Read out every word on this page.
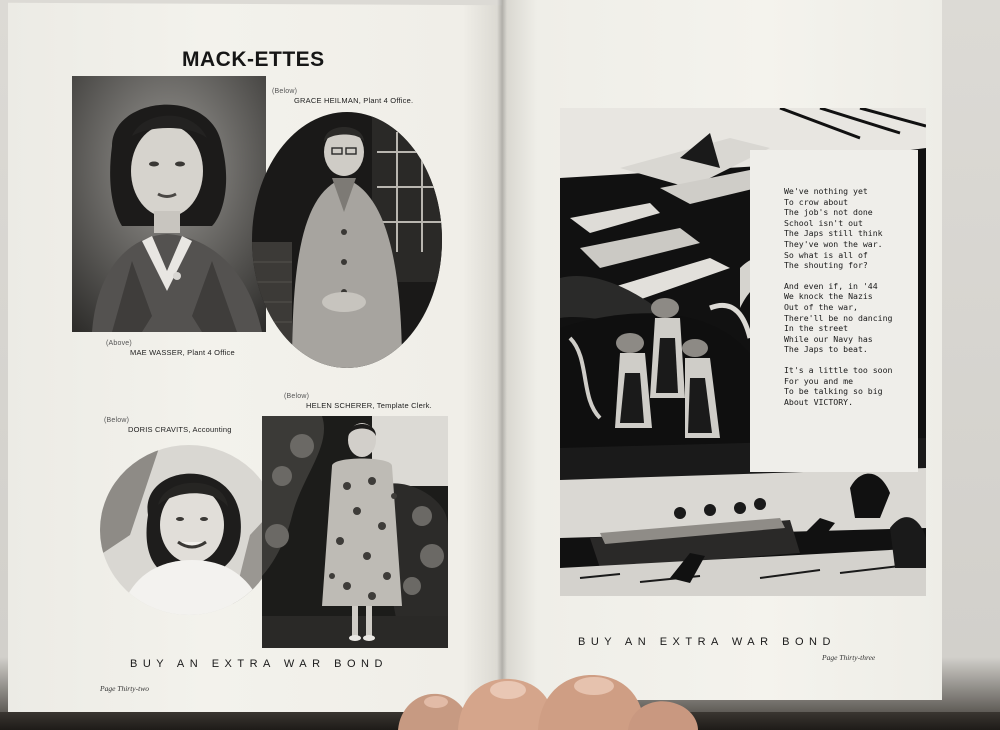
MACK-ETTES
(Below)
GRACE HEILMAN, Plant 4 Office.
(Above)
MAE WASSER, Plant 4 Office
(Below)
HELEN SCHERER, Template Clerk.
(Below)
DORIS CRAVITS, Accounting
BUY AN EXTRA WAR BOND
Page Thirty-two
We've nothing yet
To crow about
The job's not done
School isn't out
The Japs still think
They've won the war.
So what is all of
The shouting for?
And even if, in '44
We knock the Nazis
Out of the war,
There'll be no dancing
In the street
While our Navy has
The Japs to beat.
It's a little too soon
For you and me
To be talking so big
About VICTORY.
BUY AN EXTRA WAR BOND
Page Thirty-three
